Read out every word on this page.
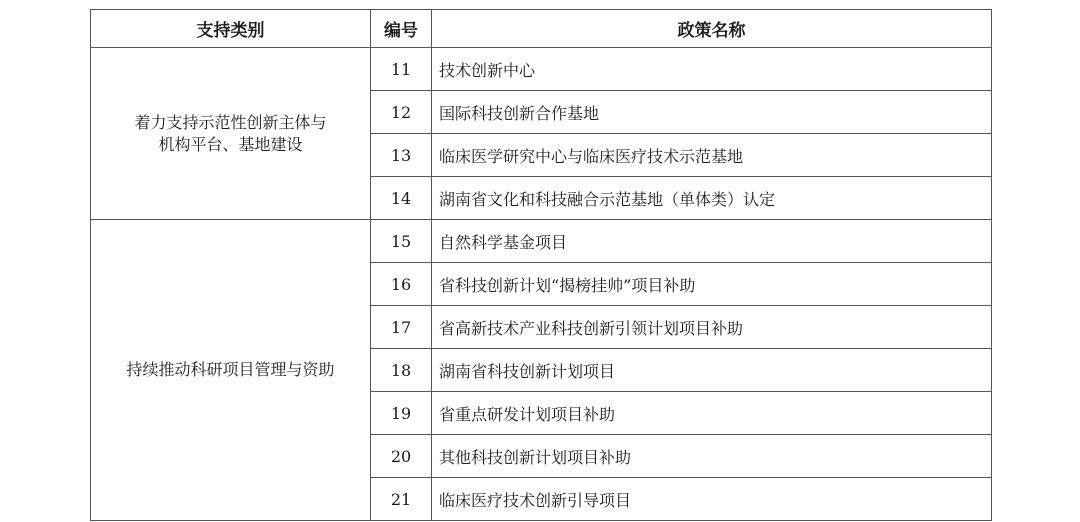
支持类别	编号	政策名称

着力支持示范性创新主体与
机构平台、基地建设	11	技术创新中心
	12	国际科技创新合作基地
	13	临床医学研究中心与临床医疗技术示范基地
	14	湖南省文化和科技融合示范基地（单体类）认定

持续推动科研项目管理与资助	15	自然科学基金项目
	16	省科技创新计划“揭榜挂帅”项目补助
	17	省高新技术产业科技创新引领计划项目补助
	18	湖南省科技创新计划项目
	19	省重点研发计划项目补助
	20	其他科技创新计划项目补助
	21	临床医疗技术创新引导项目
